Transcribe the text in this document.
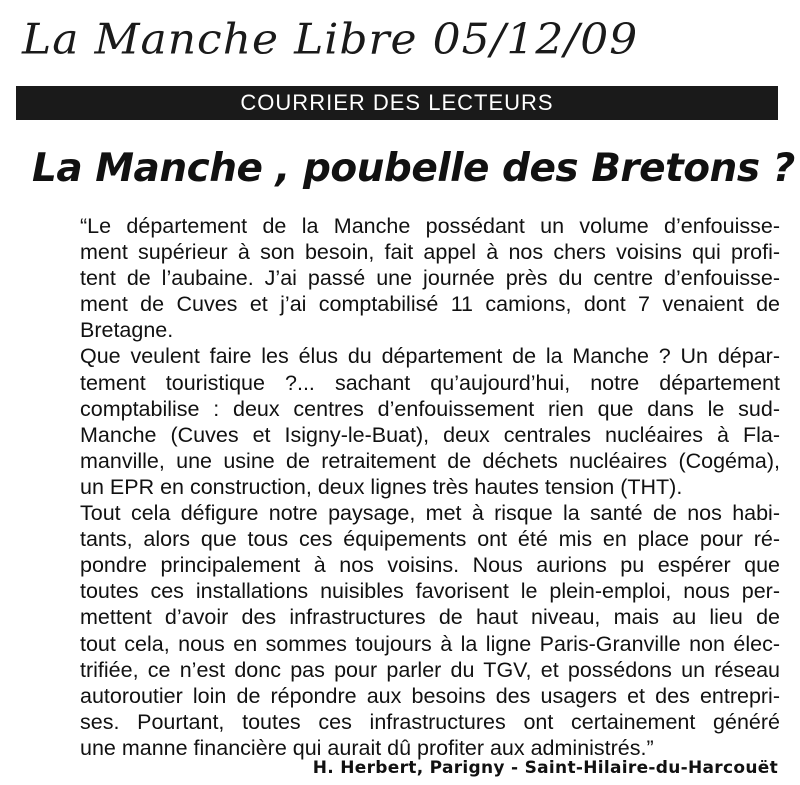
La Manche Libre 05/12/09
COURRIER DES LECTEURS
La Manche , poubelle des Bretons ?
“Le département de la Manche possédant un volume d’enfouisse-
ment supérieur à son besoin, fait appel à nos chers voisins qui profi-
tent de l’aubaine. J’ai passé une journée près du centre d’enfouisse-
ment de Cuves et j’ai comptabilisé 11 camions, dont 7 venaient de
Bretagne.
Que veulent faire les élus du département de la Manche ? Un dépar-
tement touristique ?... sachant qu’aujourd’hui, notre département
comptabilise : deux centres d’enfouissement rien que dans le sud-
Manche (Cuves et Isigny-le-Buat), deux centrales nucléaires à Fla-
manville, une usine de retraitement de déchets nucléaires (Cogéma),
un EPR en construction, deux lignes très hautes tension (THT).
Tout cela défigure notre paysage, met à risque la santé de nos habi-
tants, alors que tous ces équipements ont été mis en place pour ré-
pondre principalement à nos voisins. Nous aurions pu espérer que
toutes ces installations nuisibles favorisent le plein-emploi, nous per-
mettent d’avoir des infrastructures de haut niveau, mais au lieu de
tout cela, nous en sommes toujours à la ligne Paris-Granville non élec-
trifiée, ce n’est donc pas pour parler du TGV, et possédons un réseau
autoroutier loin de répondre aux besoins des usagers et des entrepri-
ses. Pourtant, toutes ces infrastructures ont certainement généré
une manne financière qui aurait dû profiter aux administrés.”
H. Herbert, Parigny - Saint-Hilaire-du-Harcouët
